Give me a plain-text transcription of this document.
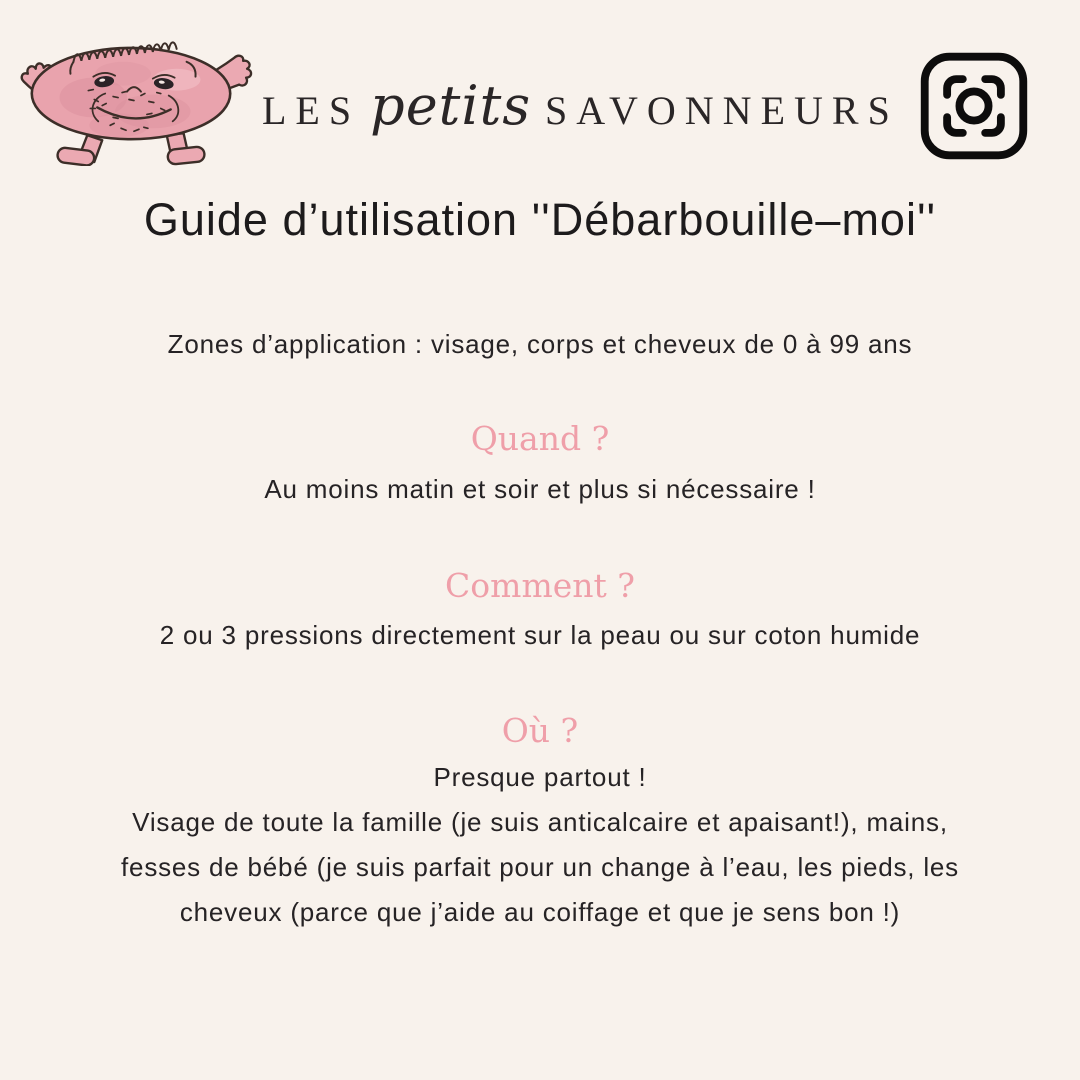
LES petits SAVONNEURS
Guide d’utilisation ''Débarbouille–moi''
Zones d’application : visage, corps et cheveux de 0 à 99 ans
Quand ?
Au moins matin et soir et plus si nécessaire !
Comment ?
2 ou 3 pressions directement sur la peau ou sur coton humide
Où ?
Presque partout !
Visage de toute la famille (je suis anticalcaire et apaisant!), mains,
fesses de bébé (je suis parfait pour un change à l’eau, les pieds, les
cheveux (parce que j’aide au coiffage et que je sens bon !)
